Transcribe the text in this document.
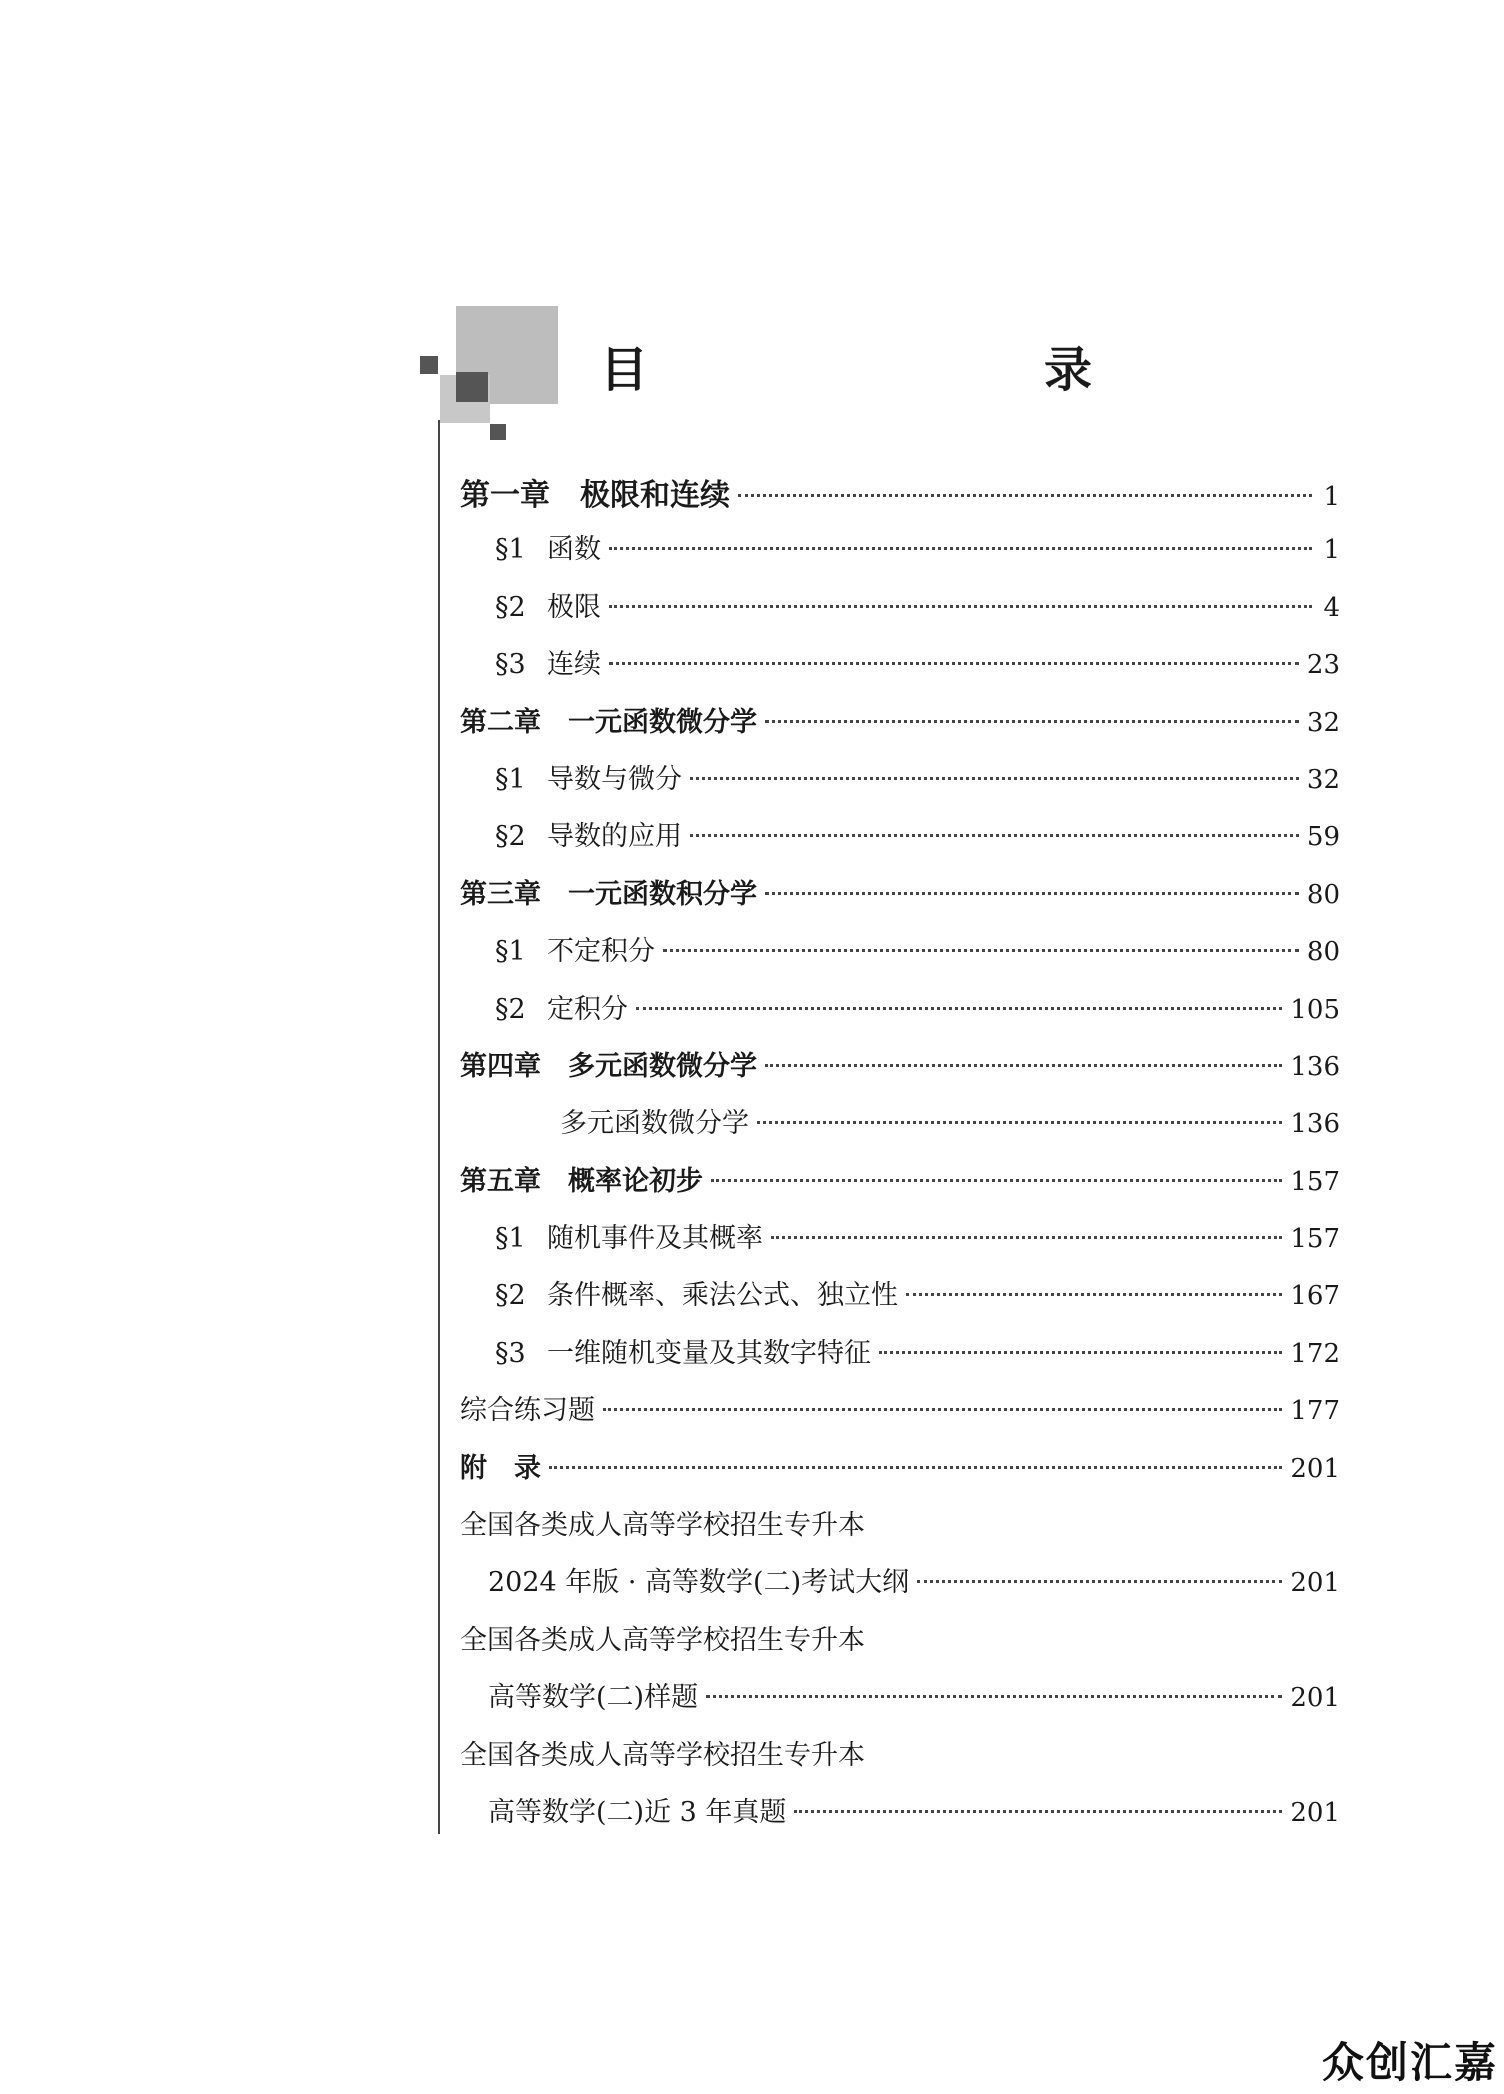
目　　录
第一章　极限和连续	1
§1 函数	1
§2 极限	4
§3 连续	23
第二章　一元函数微分学	32
§1 导数与微分	32
§2 导数的应用	59
第三章　一元函数积分学	80
§1 不定积分	80
§2 定积分	105
第四章　多元函数微分学	136
多元函数微分学	136
第五章　概率论初步	157
§1 随机事件及其概率	157
§2 条件概率、乘法公式、独立性	167
§3 一维随机变量及其数字特征	172
综合练习题	177
附　录	201
全国各类成人高等学校招生专升本
2024 年版 · 高等数学(二)考试大纲	201
全国各类成人高等学校招生专升本
高等数学(二)样题	201
全国各类成人高等学校招生专升本
高等数学(二)近 3 年真题	201
众创汇嘉
